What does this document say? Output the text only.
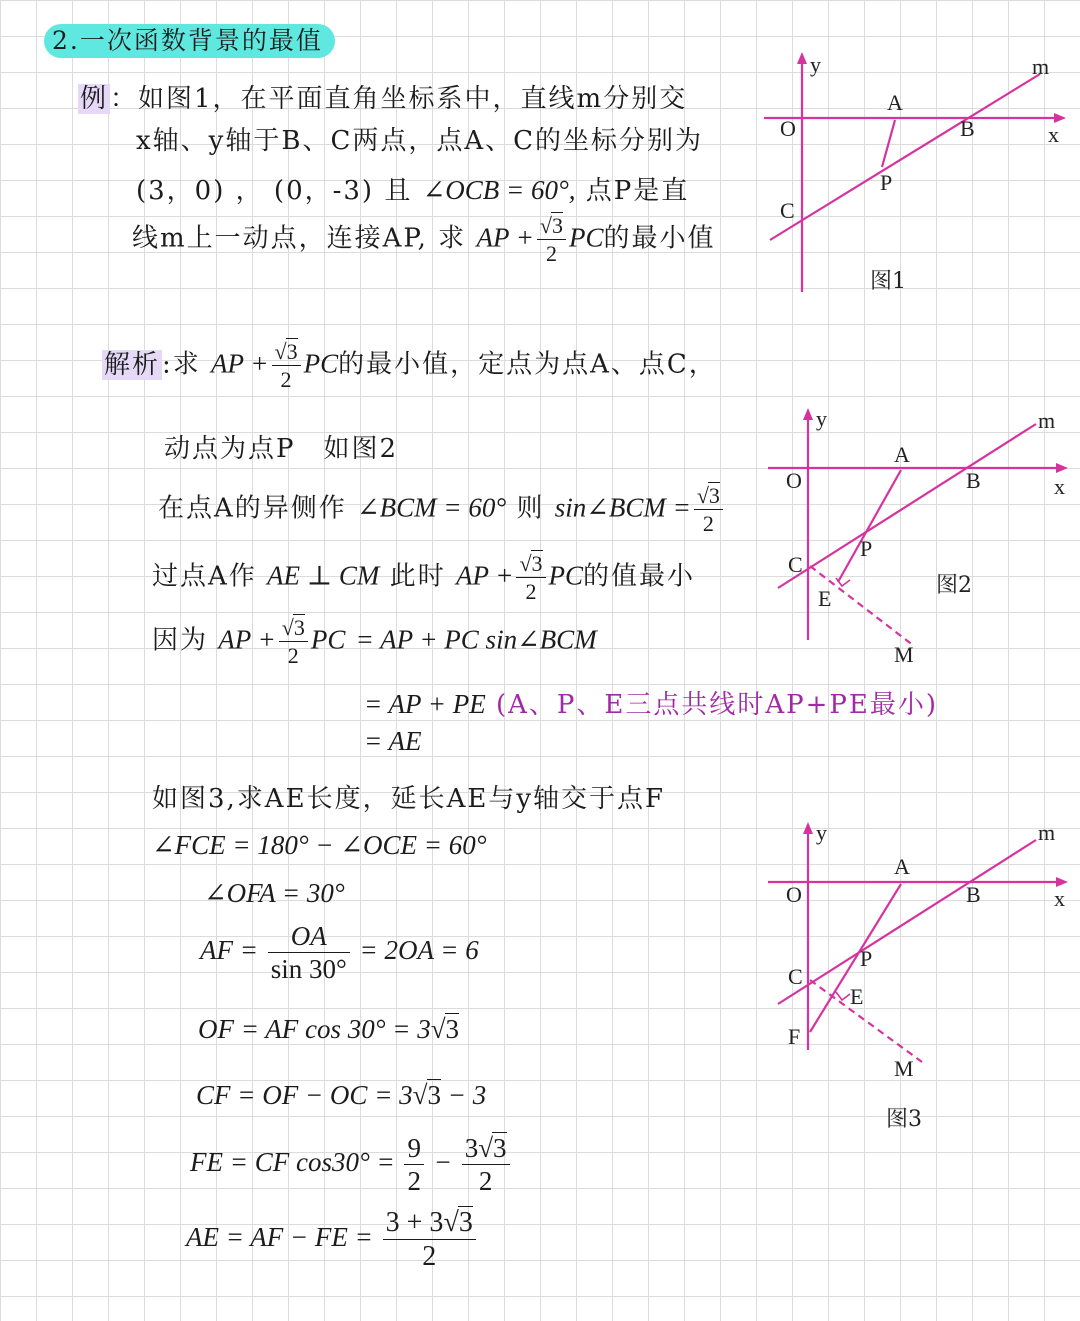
2.一次函数背景的最值
例：如图1，在平面直角坐标系中，直线m分别交
x轴、y轴于B、C两点，点A、C的坐标分别为
(3，0) ， (0，-3) 且 ∠OCB = 60°, 点P是直
线m上一动点，连接AP, 求 AP + $\frac{√3}{2}$ PC的最小值
解析:求 AP + $\frac{√3}{2}$ PC的最小值，定点为点A、点C，
动点为点P　如图2
在点A的异侧作 ∠BCM = 60° 则 sin∠BCM = $\frac{√3}{2}$
过点A作 AE ⊥ CM 此时 AP + $\frac{√3}{2}$ PC的值最小
因为 AP + $\frac{√3}{2}$ PC = AP + PC sin∠BCM
= AP + PE (A、P、E三点共线时AP+PE最小)
= AE
如图3,求AE长度，延长AE与y轴交于点F
∠FCE = 180° − ∠OCE = 60°
∠OFA = 30°
AF = $\frac{OA}{\sin 30^\circ} = 2OA = 6$
OF = AF cos 30° = 3√3
CF = OF − OC = 3√3 − 3
FE = CF $\cos 30^\circ = \frac{9}{2} - \frac{3√3}{2}$
AE = AF − FE = $\frac{3 + 3√3}{2}$
y	m
A
O	B	x
P
C
图1
y	m
A
O	B	x
P
C
E
M
图2
y	m
A
O	B	x
P
C
E
F
M
图3
